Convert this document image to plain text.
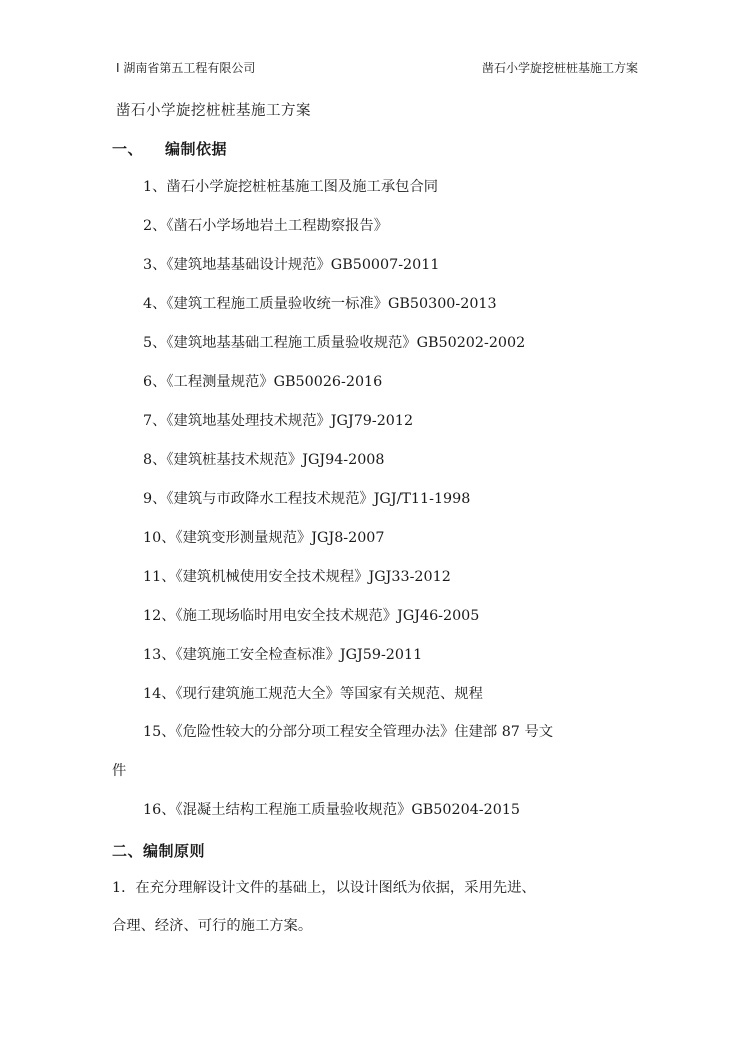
I 湖南省第五工程有限公司	凿石小学旋挖桩桩基施工方案
凿石小学旋挖桩桩基施工方案
一、 编制依据
1、凿石小学旋挖桩桩基施工图及施工承包合同
2、《凿石小学场地岩土工程勘察报告》
3、《建筑地基基础设计规范》GB50007-2011
4、《建筑工程施工质量验收统一标准》GB50300-2013
5、《建筑地基基础工程施工质量验收规范》GB50202-2002
6、《工程测量规范》GB50026-2016
7、《建筑地基处理技术规范》JGJ79-2012
8、《建筑桩基技术规范》JGJ94-2008
9、《建筑与市政降水工程技术规范》JGJ/T11-1998
10、《建筑变形测量规范》JGJ8-2007
11、《建筑机械使用安全技术规程》JGJ33-2012
12、《施工现场临时用电安全技术规范》JGJ46-2005
13、《建筑施工安全检查标准》JGJ59-2011
14、《现行建筑施工规范大全》等国家有关规范、规程
15、《危险性较大的分部分项工程安全管理办法》住建部 87 号文
件
16、《混凝土结构工程施工质量验收规范》GB50204-2015
二、编制原则
1．在充分理解设计文件的基础上，以设计图纸为依据，采用先进、
合理、经济、可行的施工方案。
